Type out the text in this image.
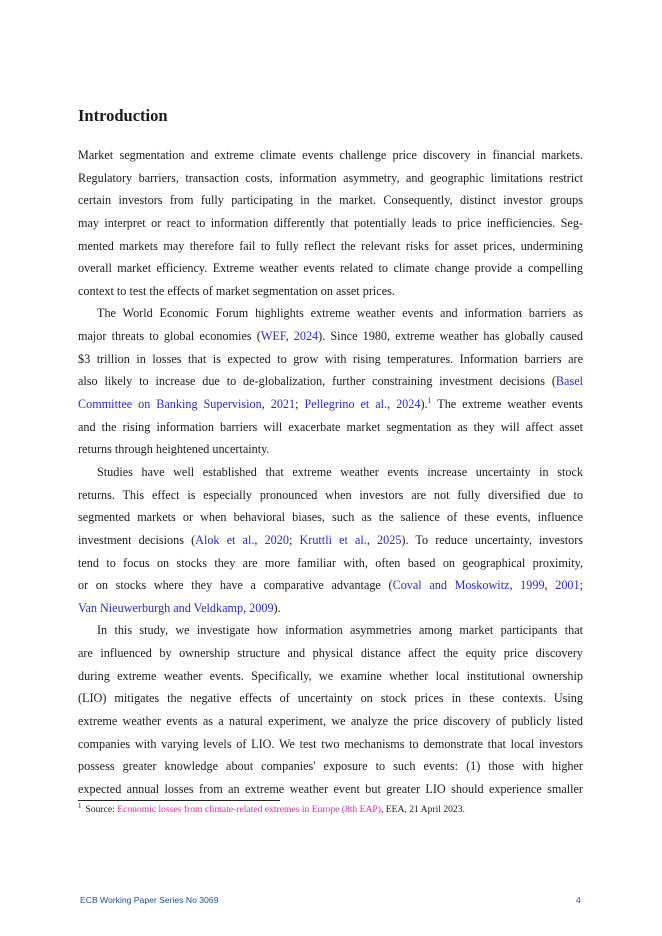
Introduction
Market segmentation and extreme climate events challenge price discovery in financial markets.
Regulatory barriers, transaction costs, information asymmetry, and geographic limitations restrict
certain investors from fully participating in the market. Consequently, distinct investor groups
may interpret or react to information differently that potentially leads to price inefficiencies. Seg-
mented markets may therefore fail to fully reflect the relevant risks for asset prices, undermining
overall market efficiency. Extreme weather events related to climate change provide a compelling
context to test the effects of market segmentation on asset prices.
The World Economic Forum highlights extreme weather events and information barriers as
major threats to global economies (WEF, 2024). Since 1980, extreme weather has globally caused
$3 trillion in losses that is expected to grow with rising temperatures. Information barriers are
also likely to increase due to de-globalization, further constraining investment decisions (Basel
Committee on Banking Supervision, 2021; Pellegrino et al., 2024).$^1$ The extreme weather events
and the rising information barriers will exacerbate market segmentation as they will affect asset
returns through heightened uncertainty.
Studies have well established that extreme weather events increase uncertainty in stock
returns. This effect is especially pronounced when investors are not fully diversified due to
segmented markets or when behavioral biases, such as the salience of these events, influence
investment decisions (Alok et al., 2020; Kruttli et al., 2025). To reduce uncertainty, investors
tend to focus on stocks they are more familiar with, often based on geographical proximity,
or on stocks where they have a comparative advantage (Coval and Moskowitz, 1999, 2001;
Van Nieuwerburgh and Veldkamp, 2009).
In this study, we investigate how information asymmetries among market participants that
are influenced by ownership structure and physical distance affect the equity price discovery
during extreme weather events. Specifically, we examine whether local institutional ownership
(LIO) mitigates the negative effects of uncertainty on stock prices in these contexts. Using
extreme weather events as a natural experiment, we analyze the price discovery of publicly listed
companies with varying levels of LIO. We test two mechanisms to demonstrate that local investors
possess greater knowledge about companies' exposure to such events: (1) those with higher
expected annual losses from an extreme weather event but greater LIO should experience smaller
$^1$ Source: Economic losses from climate-related extremes in Europe (8th EAP), EEA, 21 April 2023.
ECB Working Paper Series No 3069	4
